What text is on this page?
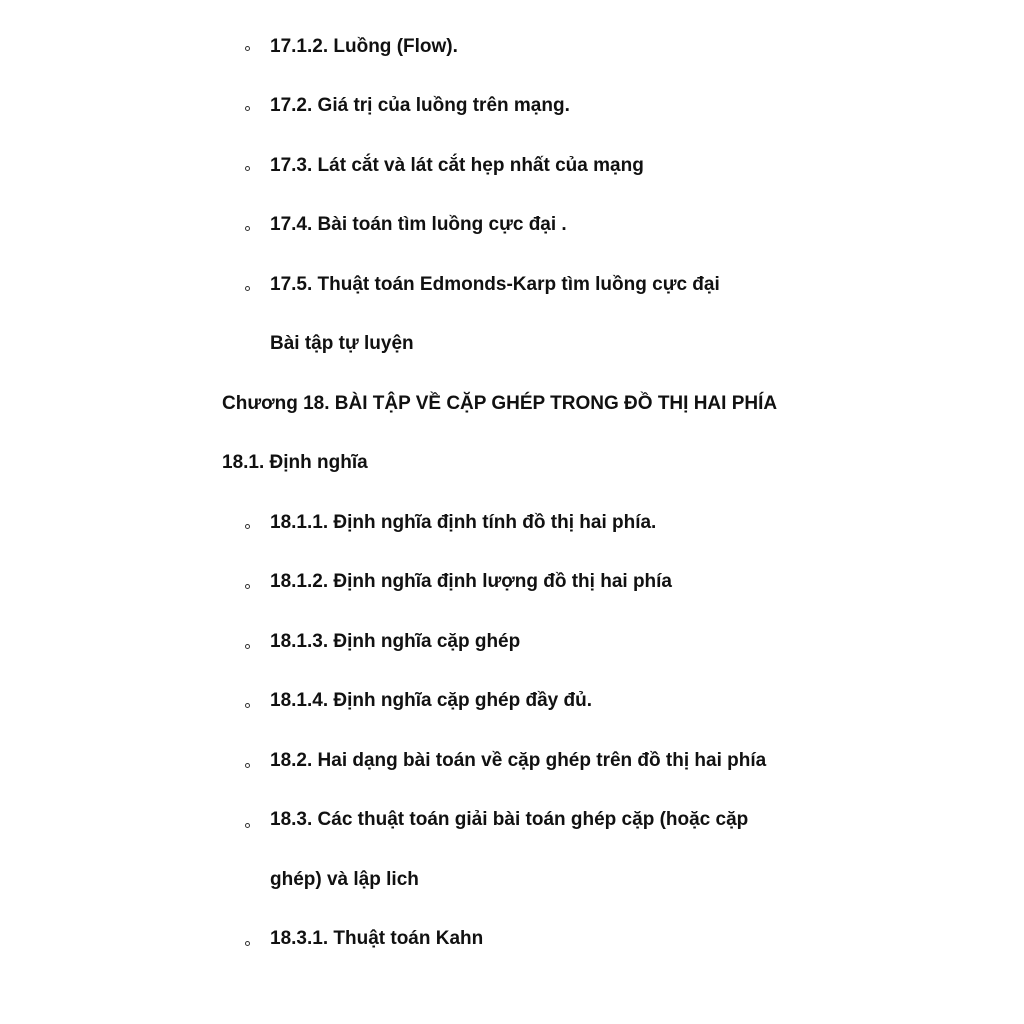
17.1.2. Luồng (Flow).
17.2. Giá trị của luồng trên mạng.
17.3. Lát cắt và lát cắt hẹp nhất của mạng
17.4. Bài toán tìm luồng cực đại .
17.5. Thuật toán Edmonds-Karp tìm luồng cực đại
Bài tập tự luyện
Chương 18. BÀI TẬP VỀ CẶP GHÉP TRONG ĐỒ THỊ HAI PHÍA
18.1. Định nghĩa
18.1.1. Định nghĩa định tính đồ thị hai phía.
18.1.2. Định nghĩa định lượng đồ thị hai phía
18.1.3. Định nghĩa cặp ghép
18.1.4. Định nghĩa cặp ghép đầy đủ.
18.2. Hai dạng bài toán về cặp ghép trên đồ thị hai phía
18.3. Các thuật toán giải bài toán ghép cặp (hoặc cặp
ghép) và lập lich
18.3.1. Thuật toán Kahn
